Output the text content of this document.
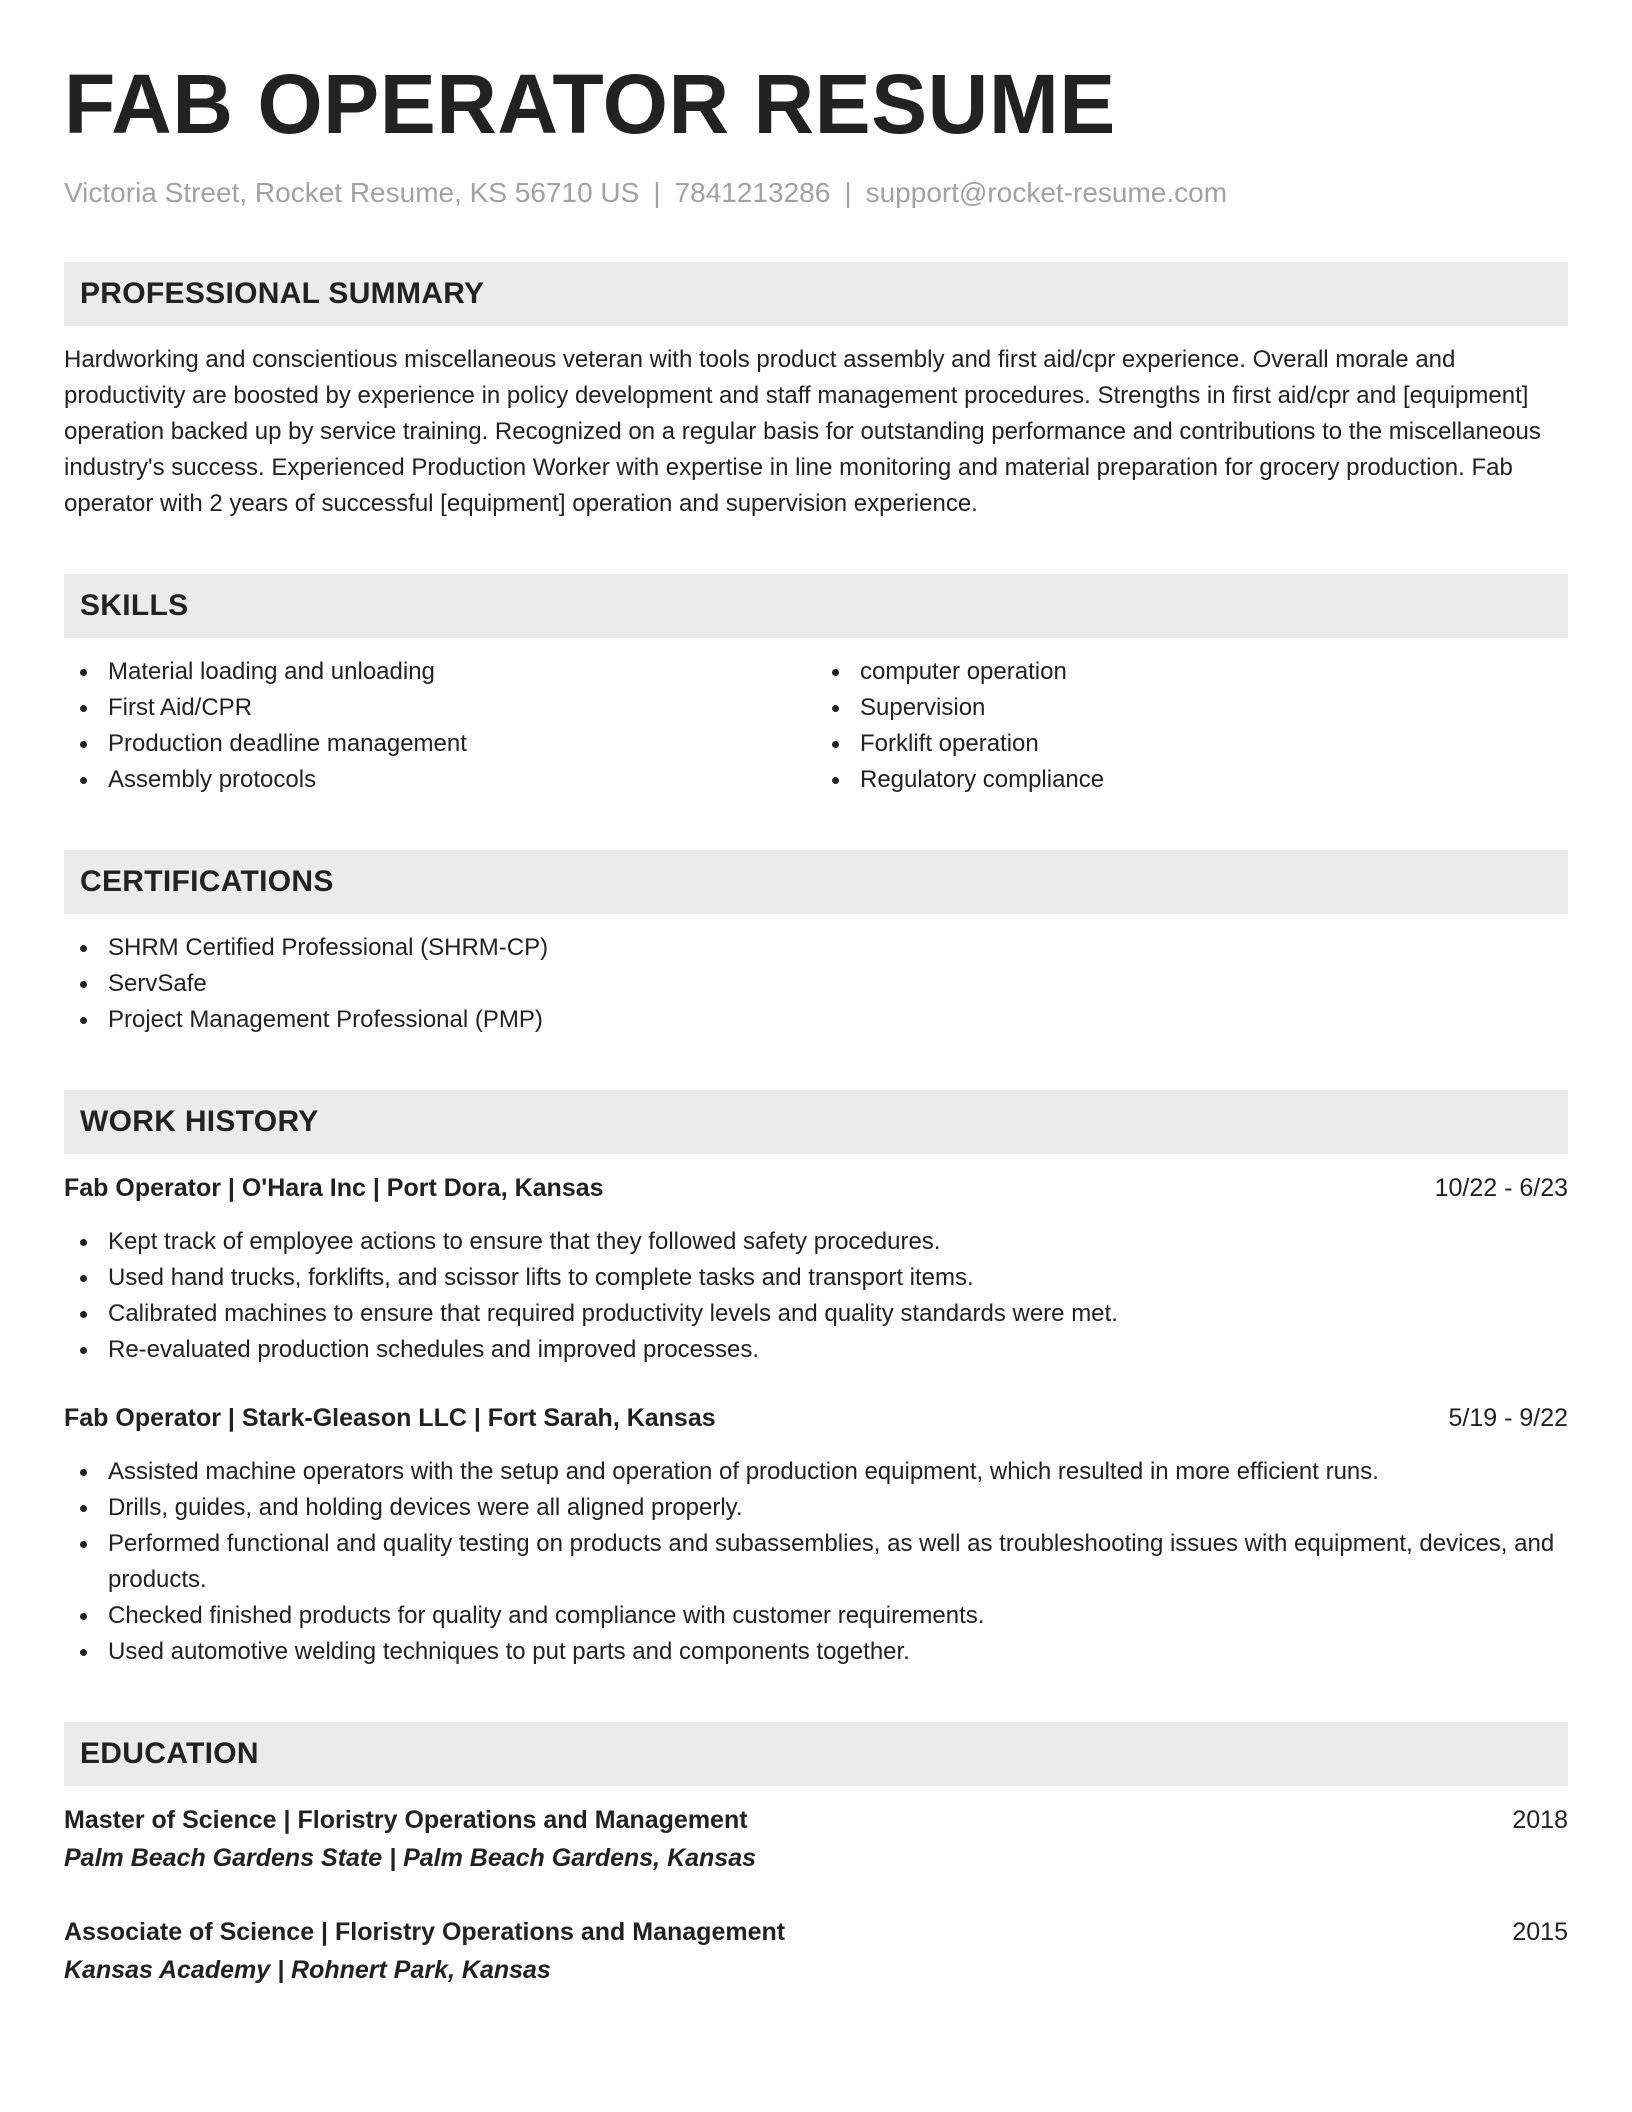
FAB OPERATOR RESUME
Victoria Street, Rocket Resume, KS 56710 US | 7841213286 | support@rocket-resume.com
PROFESSIONAL SUMMARY
Hardworking and conscientious miscellaneous veteran with tools product assembly and first aid/cpr experience. Overall morale and productivity are boosted by experience in policy development and staff management procedures. Strengths in first aid/cpr and [equipment] operation backed up by service training. Recognized on a regular basis for outstanding performance and contributions to the miscellaneous industry's success. Experienced Production Worker with expertise in line monitoring and material preparation for grocery production. Fab operator with 2 years of successful [equipment] operation and supervision experience.
SKILLS
Material loading and unloading
First Aid/CPR
Production deadline management
Assembly protocols
computer operation
Supervision
Forklift operation
Regulatory compliance
CERTIFICATIONS
SHRM Certified Professional (SHRM-CP)
ServSafe
Project Management Professional (PMP)
WORK HISTORY
Fab Operator | O'Hara Inc | Port Dora, Kansas	10/22 - 6/23
Kept track of employee actions to ensure that they followed safety procedures.
Used hand trucks, forklifts, and scissor lifts to complete tasks and transport items.
Calibrated machines to ensure that required productivity levels and quality standards were met.
Re-evaluated production schedules and improved processes.
Fab Operator | Stark-Gleason LLC | Fort Sarah, Kansas	5/19 - 9/22
Assisted machine operators with the setup and operation of production equipment, which resulted in more efficient runs.
Drills, guides, and holding devices were all aligned properly.
Performed functional and quality testing on products and subassemblies, as well as troubleshooting issues with equipment, devices, and products.
Checked finished products for quality and compliance with customer requirements.
Used automotive welding techniques to put parts and components together.
EDUCATION
Master of Science | Floristry Operations and Management	2018
Palm Beach Gardens State | Palm Beach Gardens, Kansas
Associate of Science | Floristry Operations and Management	2015
Kansas Academy | Rohnert Park, Kansas
